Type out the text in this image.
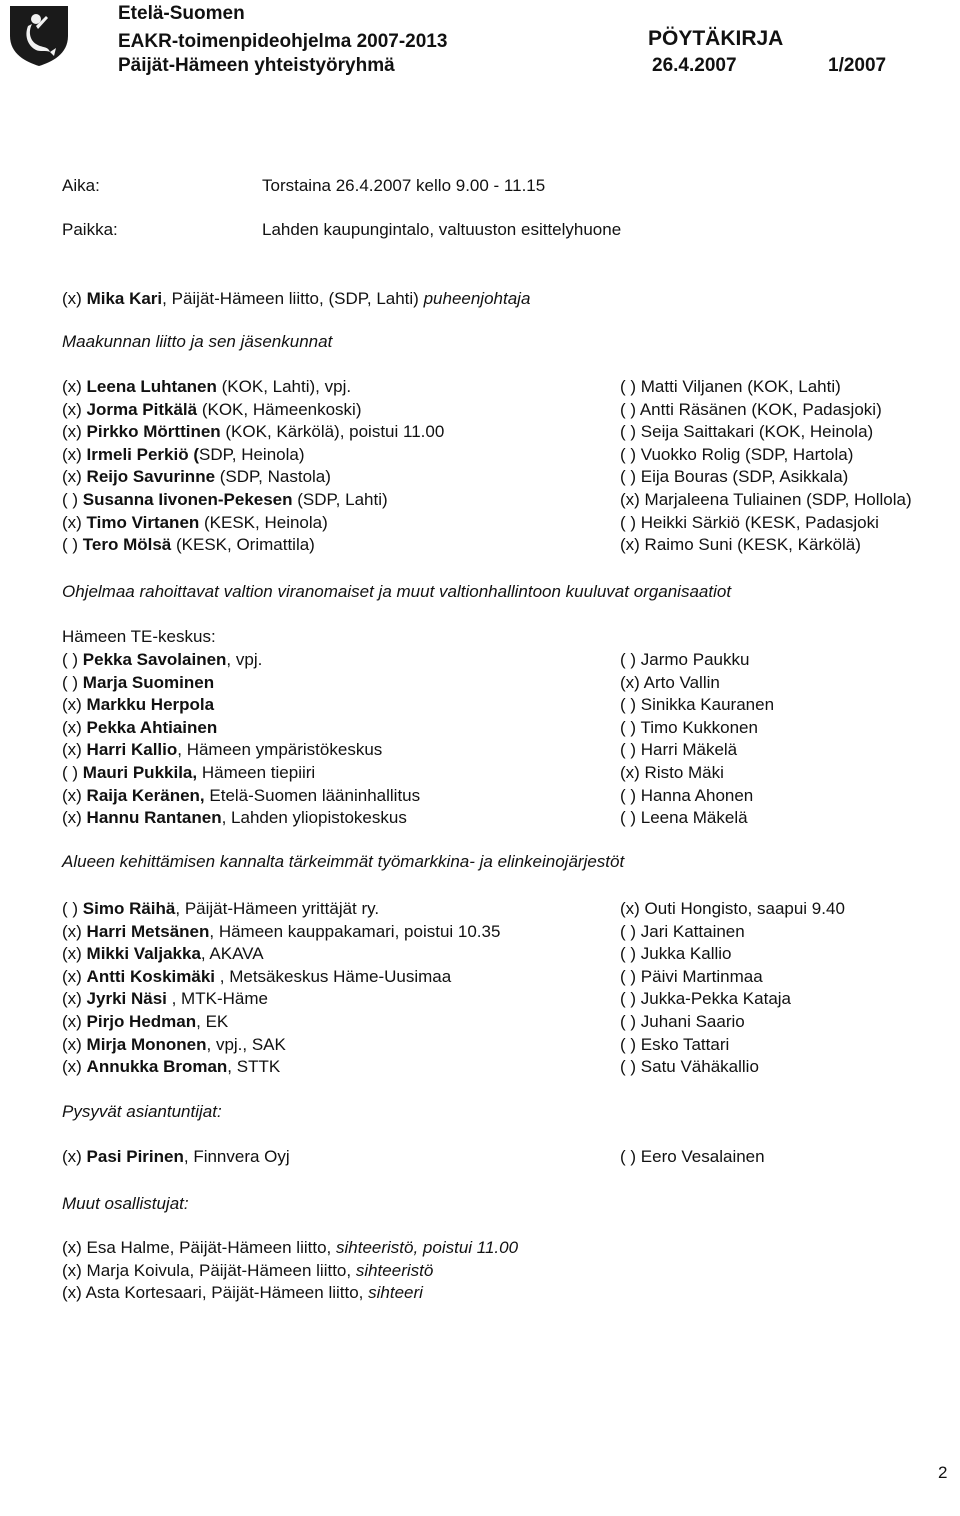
Etelä-Suomen
EAKR-toimenpideohjelma 2007-2013
Päijät-Hämeen yhteistyöryhmä
PÖYTÄKIRJA
26.4.2007	1/2007
Aika:	Torstaina 26.4.2007 kello 9.00 - 11.15
Paikka:	Lahden kaupungintalo, valtuuston esittelyhuone
(x) Mika Kari, Päijät-Hämeen liitto, (SDP, Lahti) puheenjohtaja
Maakunnan liitto ja sen jäsenkunnat
(x) Leena Luhtanen (KOK, Lahti), vpj.	( ) Matti Viljanen (KOK, Lahti)
(x) Jorma Pitkälä (KOK, Hämeenkoski)	( ) Antti Räsänen (KOK, Padasjoki)
(x) Pirkko Mörttinen (KOK, Kärkölä), poistui 11.00	( ) Seija Saittakari (KOK, Heinola)
(x) Irmeli Perkiö (SDP, Heinola)	( ) Vuokko Rolig (SDP, Hartola)
(x) Reijo Savurinne (SDP, Nastola)	( ) Eija Bouras (SDP, Asikkala)
( ) Susanna Iivonen-Pekesen (SDP, Lahti)	(x) Marjaleena Tuliainen (SDP, Hollola)
(x) Timo Virtanen (KESK, Heinola)	( ) Heikki Särkiö (KESK, Padasjoki
( ) Tero Mölsä (KESK, Orimattila)	(x) Raimo Suni (KESK, Kärkölä)
Ohjelmaa rahoittavat valtion viranomaiset ja muut valtionhallintoon kuuluvat organisaatiot
Hämeen TE-keskus:
( ) Pekka Savolainen, vpj.	( ) Jarmo Paukku
( ) Marja Suominen	(x) Arto Vallin
(x) Markku Herpola	( ) Sinikka Kauranen
(x) Pekka Ahtiainen	( ) Timo Kukkonen
(x) Harri Kallio, Hämeen ympäristökeskus	( ) Harri Mäkelä
( ) Mauri Pukkila, Hämeen tiepiiri	(x) Risto Mäki
(x) Raija Keränen, Etelä-Suomen lääninhallitus	( ) Hanna Ahonen
(x) Hannu Rantanen, Lahden yliopistokeskus	( ) Leena Mäkelä
Alueen kehittämisen kannalta tärkeimmät työmarkkina- ja elinkeinojärjestöt
( ) Simo Räihä, Päijät-Hämeen yrittäjät ry.	(x) Outi Hongisto, saapui 9.40
(x) Harri Metsänen, Hämeen kauppakamari, poistui 10.35	( ) Jari Kattainen
(x) Mikki Valjakka, AKAVA	( ) Jukka Kallio
(x) Antti Koskimäki , Metsäkeskus Häme-Uusimaa	( ) Päivi Martinmaa
(x) Jyrki Näsi , MTK-Häme	( ) Jukka-Pekka Kataja
(x) Pirjo Hedman, EK	( ) Juhani Saario
(x) Mirja Mononen, vpj., SAK	( ) Esko Tattari
(x) Annukka Broman, STTK	( ) Satu Vähäkallio
Pysyvät asiantuntijat:
(x) Pasi Pirinen, Finnvera Oyj	( ) Eero Vesalainen
Muut osallistujat:
(x) Esa Halme, Päijät-Hämeen liitto, sihteeristö, poistui 11.00
(x) Marja Koivula, Päijät-Hämeen liitto, sihteeristö
(x) Asta Kortesaari, Päijät-Hämeen liitto, sihteeri
2
